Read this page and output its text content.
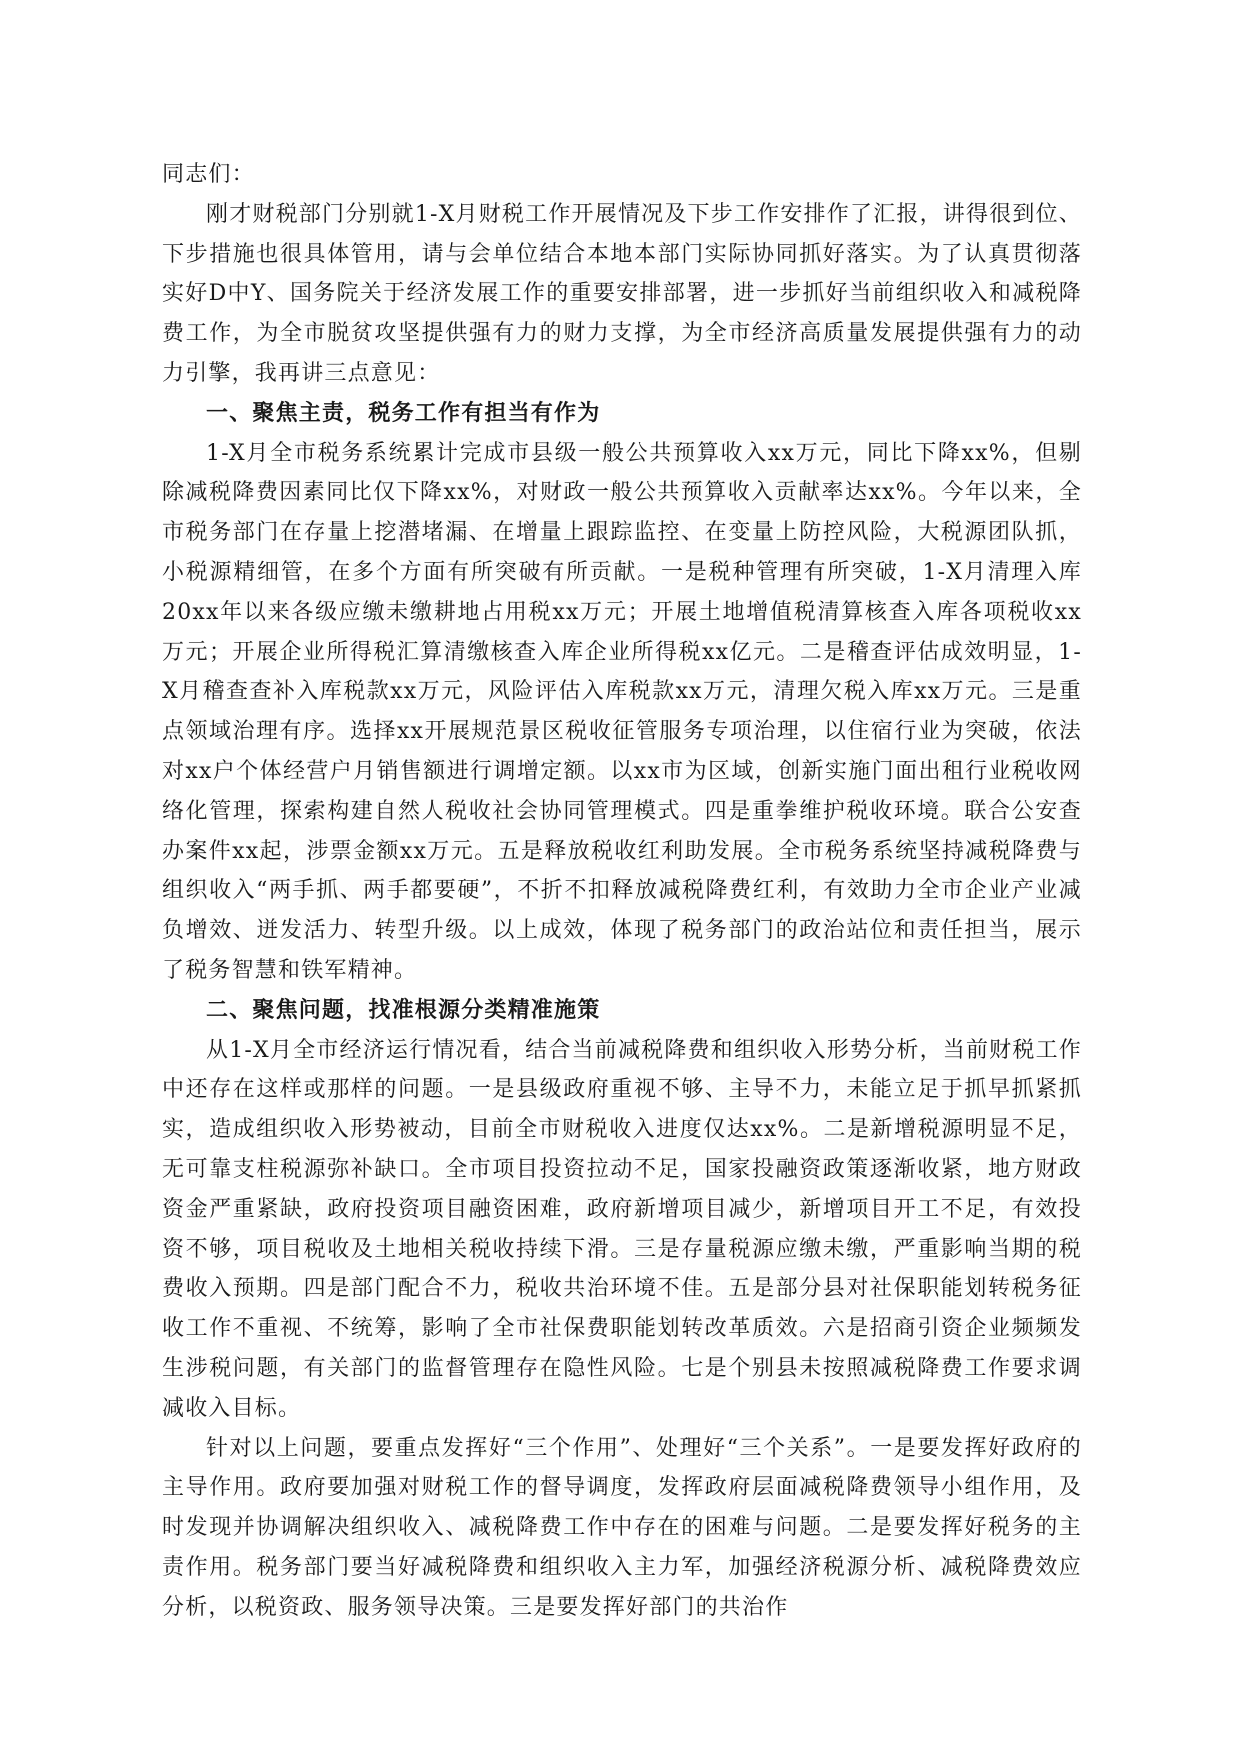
同志们：

刚才财税部门分别就1-X月财税工作开展情况及下步工作安排作了汇报，讲得很到位、下步措施也很具体管用，请与会单位结合本地本部门实际协同抓好落实。为了认真贯彻落实好D中Y、国务院关于经济发展工作的重要安排部署，进一步抓好当前组织收入和减税降费工作，为全市脱贫攻坚提供强有力的财力支撑，为全市经济高质量发展提供强有力的动力引擎，我再讲三点意见：

一、聚焦主责，税务工作有担当有作为

1-X月全市税务系统累计完成市县级一般公共预算收入xx万元，同比下降xx%，但剔除减税降费因素同比仅下降xx%，对财政一般公共预算收入贡献率达xx%。今年以来，全市税务部门在存量上挖潜堵漏、在增量上跟踪监控、在变量上防控风险，大税源团队抓，小税源精细管，在多个方面有所突破有所贡献。一是税种管理有所突破，1-X月清理入库20xx年以来各级应缴未缴耕地占用税xx万元；开展土地增值税清算核查入库各项税收xx万元；开展企业所得税汇算清缴核查入库企业所得税xx亿元。二是稽查评估成效明显，1-X月稽查查补入库税款xx万元，风险评估入库税款xx万元，清理欠税入库xx万元。三是重点领域治理有序。选择xx开展规范景区税收征管服务专项治理，以住宿行业为突破，依法对xx户个体经营户月销售额进行调增定额。以xx市为区域，创新实施门面出租行业税收网络化管理，探索构建自然人税收社会协同管理模式。四是重拳维护税收环境。联合公安查办案件xx起，涉票金额xx万元。五是释放税收红利助发展。全市税务系统坚持减税降费与组织收入“两手抓、两手都要硬”，不折不扣释放减税降费红利，有效助力全市企业产业减负增效、迸发活力、转型升级。以上成效，体现了税务部门的政治站位和责任担当，展示了税务智慧和铁军精神。

二、聚焦问题，找准根源分类精准施策

从1-X月全市经济运行情况看，结合当前减税降费和组织收入形势分析，当前财税工作中还存在这样或那样的问题。一是县级政府重视不够、主导不力，未能立足于抓早抓紧抓实，造成组织收入形势被动，目前全市财税收入进度仅达xx%。二是新增税源明显不足，无可靠支柱税源弥补缺口。全市项目投资拉动不足，国家投融资政策逐渐收紧，地方财政资金严重紧缺，政府投资项目融资困难，政府新增项目减少，新增项目开工不足，有效投资不够，项目税收及土地相关税收持续下滑。三是存量税源应缴未缴，严重影响当期的税费收入预期。四是部门配合不力，税收共治环境不佳。五是部分县对社保职能划转税务征收工作不重视、不统筹，影响了全市社保费职能划转改革质效。六是招商引资企业频频发生涉税问题，有关部门的监督管理存在隐性风险。七是个别县未按照减税降费工作要求调减收入目标。

针对以上问题，要重点发挥好“三个作用”、处理好“三个关系”。一是要发挥好政府的主导作用。政府要加强对财税工作的督导调度，发挥政府层面减税降费领导小组作用，及时发现并协调解决组织收入、减税降费工作中存在的困难与问题。二是要发挥好税务的主责作用。税务部门要当好减税降费和组织收入主力军，加强经济税源分析、减税降费效应分析，以税资政、服务领导决策。三是要发挥好部门的共治作
